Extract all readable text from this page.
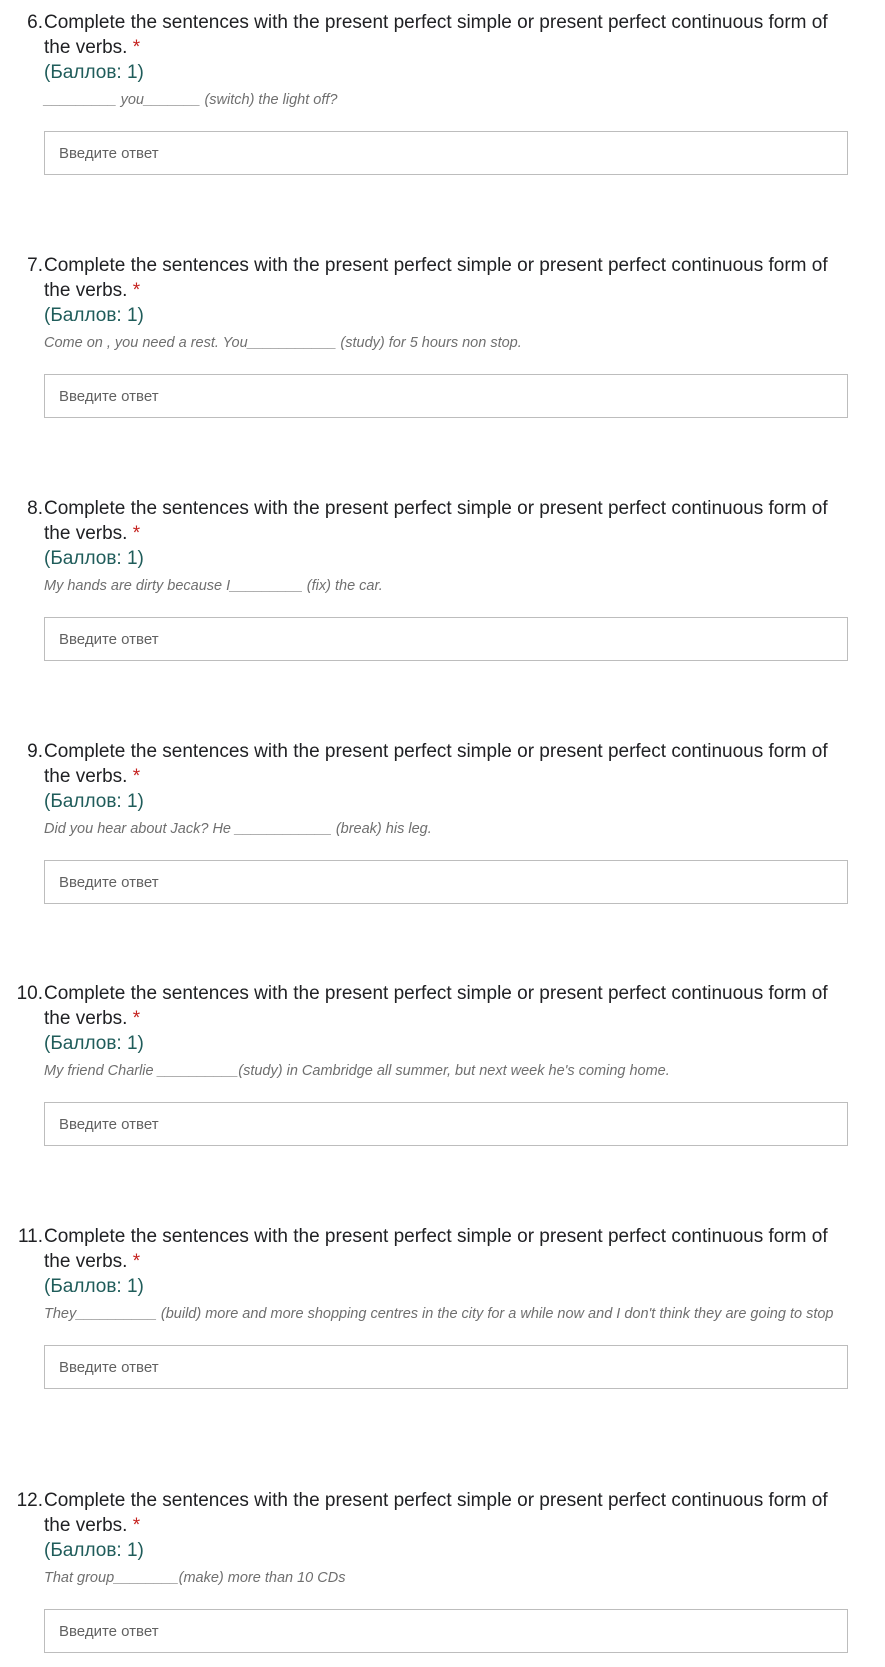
6. Complete the sentences with the present perfect simple or present perfect continuous form of the verbs. *
(Баллов: 1)
_________ you_______ (switch) the light off?
Введите ответ
7. Complete the sentences with the present perfect simple or present perfect continuous form of the verbs. *
(Баллов: 1)
Come on , you need a rest. You___________ (study) for 5 hours non stop.
Введите ответ
8. Complete the sentences with the present perfect simple or present perfect continuous form of the verbs. *
(Баллов: 1)
My hands are dirty because I_________ (fix) the car.
Введите ответ
9. Complete the sentences with the present perfect simple or present perfect continuous form of the verbs. *
(Баллов: 1)
Did you hear about Jack? He ____________ (break) his leg.
Введите ответ
10. Complete the sentences with the present perfect simple or present perfect continuous form of the verbs. *
(Баллов: 1)
My friend Charlie __________(study) in Cambridge all summer, but next week he's coming home.
Введите ответ
11. Complete the sentences with the present perfect simple or present perfect continuous form of the verbs. *
(Баллов: 1)
They__________ (build) more and more shopping centres in the city for a while now and I don't think they are going to stop
Введите ответ
12. Complete the sentences with the present perfect simple or present perfect continuous form of the verbs. *
(Баллов: 1)
That group________(make) more than 10 CDs
Введите ответ
